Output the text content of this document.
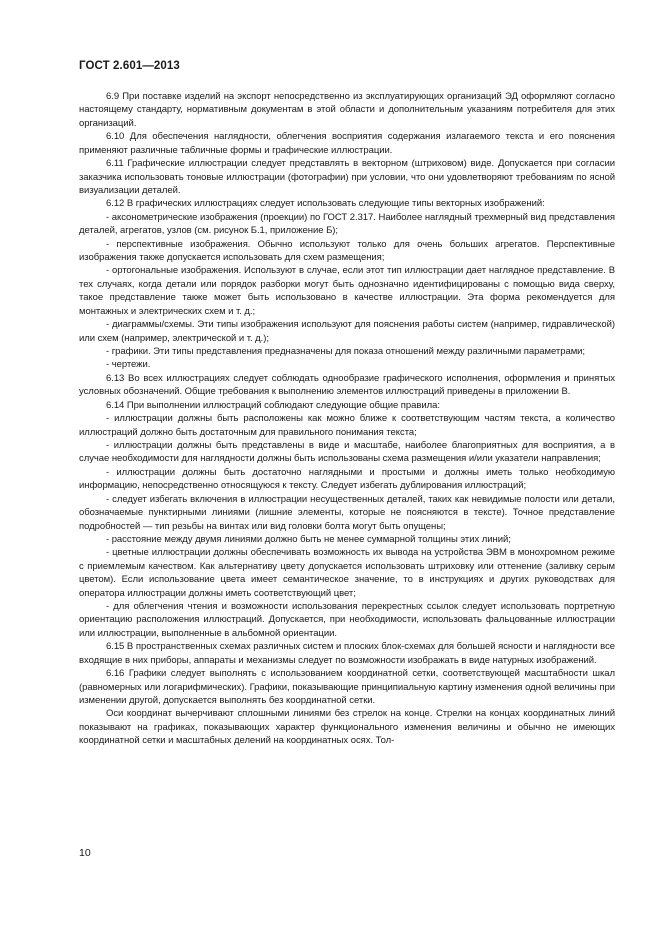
ГОСТ 2.601—2013

6.9 При поставке изделий на экспорт непосредственно из эксплуатирующих организаций ЭД оформляют согласно настоящему стандарту, нормативным документам в этой области и дополнительным указаниям потребителя для этих организаций.

6.10 Для обеспечения наглядности, облегчения восприятия содержания излагаемого текста и его пояснения применяют различные табличные формы и графические иллюстрации.

6.11 Графические иллюстрации следует представлять в векторном (штриховом) виде. Допускается при согласии заказчика использовать тоновые иллюстрации (фотографии) при условии, что они удовлетворяют требованиям по ясной визуализации деталей.

6.12 В графических иллюстрациях следует использовать следующие типы векторных изображений:

- аксонометрические изображения (проекции) по ГОСТ 2.317. Наиболее наглядный трехмерный вид представления деталей, агрегатов, узлов (см. рисунок Б.1, приложение Б);

- перспективные изображения. Обычно используют только для очень больших агрегатов. Перспективные изображения также допускается использовать для схем размещения;

- ортогональные изображения. Используют в случае, если этот тип иллюстрации дает наглядное представление. В тех случаях, когда детали или порядок разборки могут быть однозначно идентифицированы с помощью вида сверху, такое представление также может быть использовано в качестве иллюстрации. Эта форма рекомендуется для монтажных и электрических схем и т. д.;

- диаграммы/схемы. Эти типы изображения используют для пояснения работы систем (например, гидравлической) или схем (например, электрической и т. д.);

- графики. Эти типы представления предназначены для показа отношений между различными параметрами;

- чертежи.

6.13 Во всех иллюстрациях следует соблюдать однообразие графического исполнения, оформления и принятых условных обозначений. Общие требования к выполнению элементов иллюстраций приведены в приложении В.

6.14 При выполнении иллюстраций соблюдают следующие общие правила:

- иллюстрации должны быть расположены как можно ближе к соответствующим частям текста, а количество иллюстраций должно быть достаточным для правильного понимания текста;

- иллюстрации должны быть представлены в виде и масштабе, наиболее благоприятных для восприятия, а в случае необходимости для наглядности должны быть использованы схема размещения и/или указатели направления;

- иллюстрации должны быть достаточно наглядными и простыми и должны иметь только необходимую информацию, непосредственно относящуюся к тексту. Следует избегать дублирования иллюстраций;

- следует избегать включения в иллюстрации несущественных деталей, таких как невидимые полости или детали, обозначаемые пунктирными линиями (лишние элементы, которые не поясняются в тексте). Точное представление подробностей — тип резьбы на винтах или вид головки болта могут быть опущены;

- расстояние между двумя линиями должно быть не менее суммарной толщины этих линий;

- цветные иллюстрации должны обеспечивать возможность их вывода на устройства ЭВМ в монохромном режиме с приемлемым качеством. Как альтернативу цвету допускается использовать штриховку или оттенение (заливку серым цветом). Если использование цвета имеет семантическое значение, то в инструкциях и других руководствах для оператора иллюстрации должны иметь соответствующий цвет;

- для облегчения чтения и возможности использования перекрестных ссылок следует использовать портретную ориентацию расположения иллюстраций. Допускается, при необходимости, использовать фальцованные иллюстрации или иллюстрации, выполненные в альбомной ориентации.

6.15 В пространственных схемах различных систем и плоских блок-схемах для большей ясности и наглядности все входящие в них приборы, аппараты и механизмы следует по возможности изображать в виде натурных изображений.

6.16 Графики следует выполнять с использованием координатной сетки, соответствующей масштабности шкал (равномерных или логарифмических). Графики, показывающие принципиальную картину изменения одной величины при изменении другой, допускается выполнять без координатной сетки.

Оси координат вычерчивают сплошными линиями без стрелок на конце. Стрелки на концах координатных линий показывают на графиках, показывающих характер функционального изменения величины и обычно не имеющих координатной сетки и масштабных делений на координатных осях. Тол-

10
